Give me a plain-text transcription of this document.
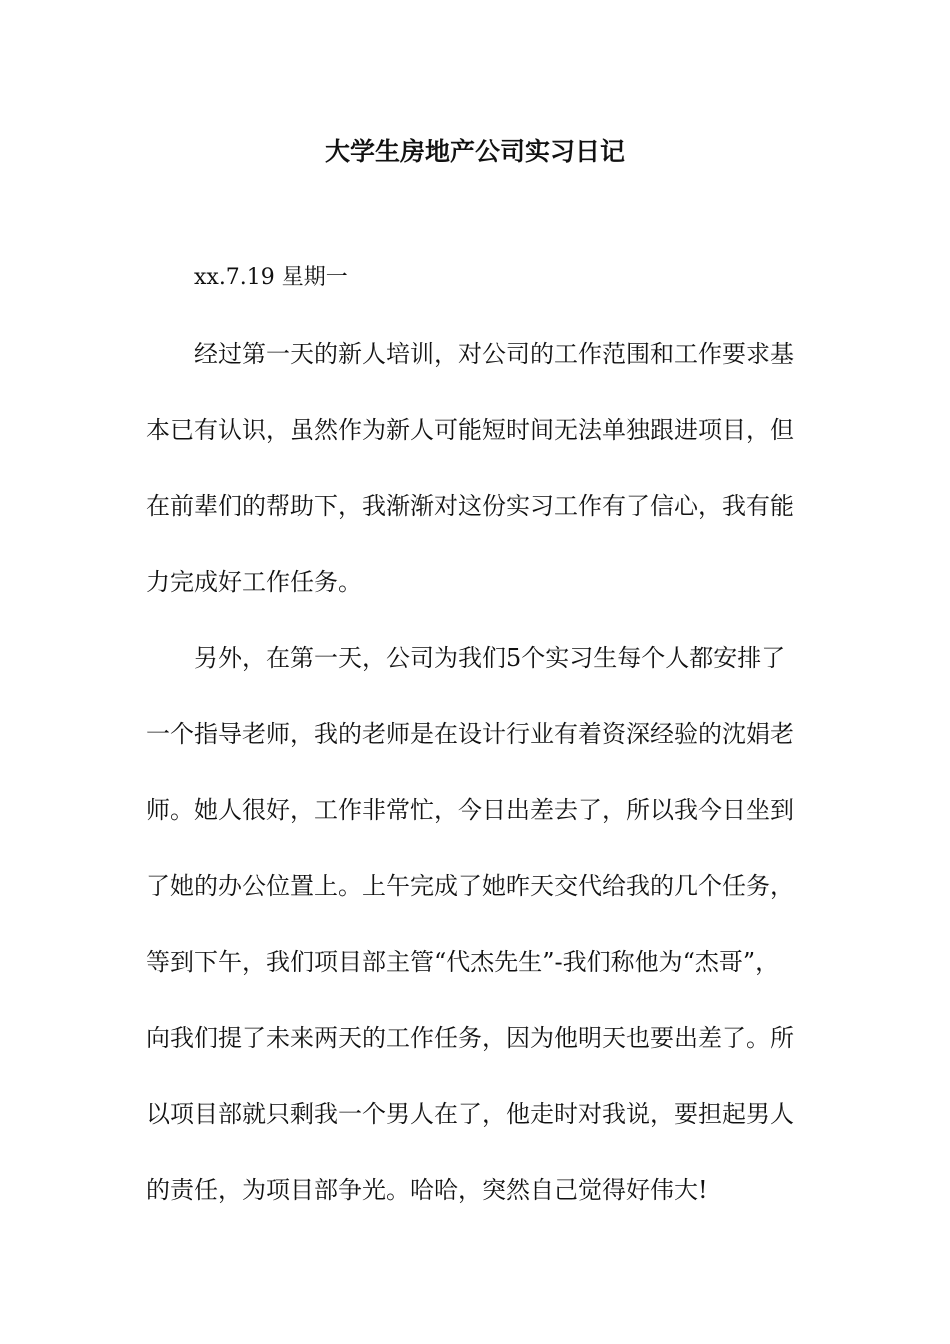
大学生房地产公司实习日记
xx.7.19 星期一
经过第一天的新人培训，对公司的工作范围和工作要求基
本已有认识，虽然作为新人可能短时间无法单独跟进项目，但
在前辈们的帮助下，我渐渐对这份实习工作有了信心，我有能
力完成好工作任务。
另外，在第一天，公司为我们5个实习生每个人都安排了
一个指导老师，我的老师是在设计行业有着资深经验的沈娟老
师。她人很好，工作非常忙，今日出差去了，所以我今日坐到
了她的办公位置上。上午完成了她昨天交代给我的几个任务，
等到下午，我们项目部主管“代杰先生”-我们称他为“杰哥”，
向我们提了未来两天的工作任务，因为他明天也要出差了。所
以项目部就只剩我一个男人在了，他走时对我说，要担起男人
的责任，为项目部争光。哈哈，突然自己觉得好伟大!
